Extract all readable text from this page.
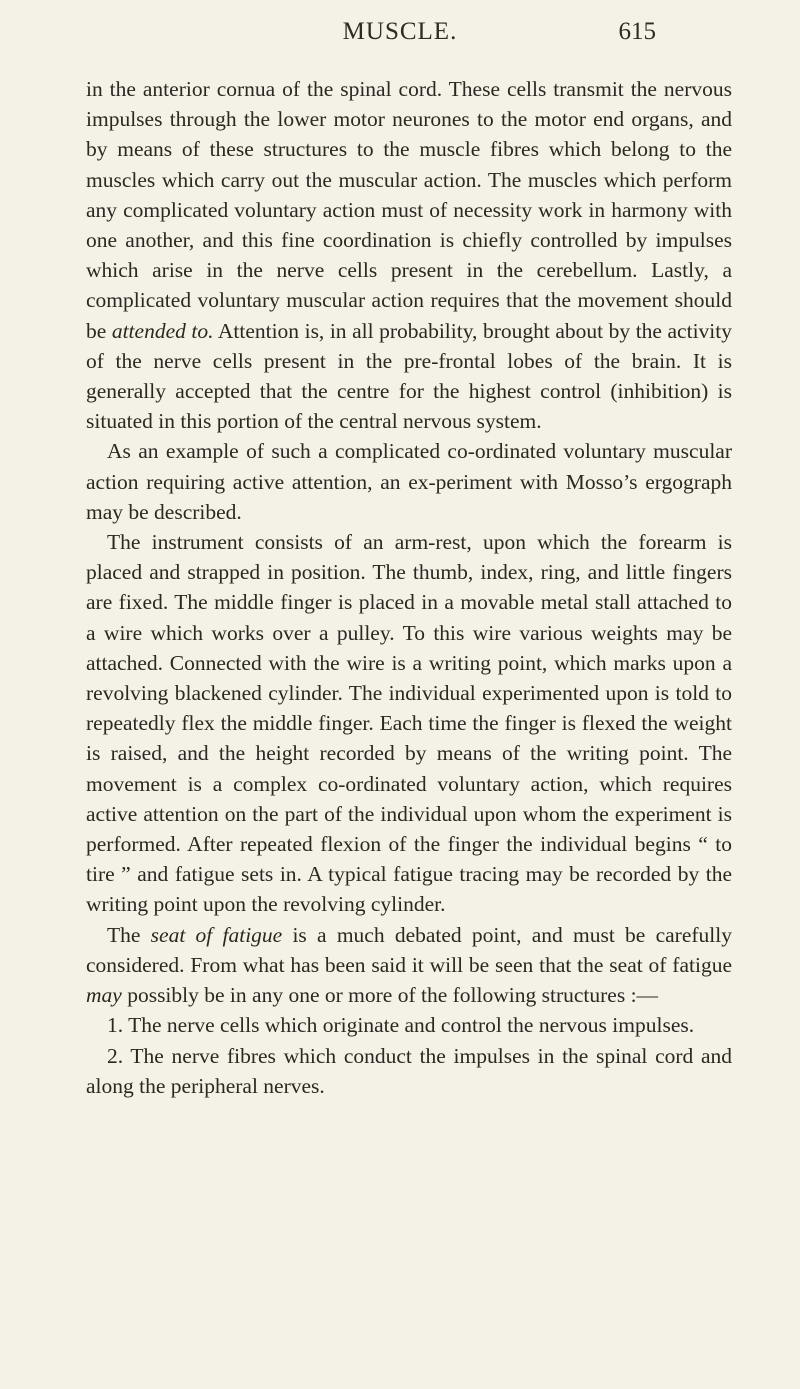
MUSCLE.	615

in the anterior cornua of the spinal cord. These cells transmit the nervous impulses through the lower motor neurones to the motor end organs, and by means of these structures to the muscle fibres which belong to the muscles which carry out the muscular action. The muscles which perform any complicated voluntary action must of necessity work in harmony with one another, and this fine coordination is chiefly controlled by impulses which arise in the nerve cells present in the cerebellum. Lastly, a complicated voluntary muscular action requires that the movement should be attended to. Attention is, in all probability, brought about by the activity of the nerve cells present in the pre-frontal lobes of the brain. It is generally accepted that the centre for the highest control (inhibition) is situated in this portion of the central nervous system.

As an example of such a complicated co-ordinated voluntary muscular action requiring active attention, an ex-periment with Mosso’s ergograph may be described.

The instrument consists of an arm-rest, upon which the forearm is placed and strapped in position. The thumb, index, ring, and little fingers are fixed. The middle finger is placed in a movable metal stall attached to a wire which works over a pulley. To this wire various weights may be attached. Connected with the wire is a writing point, which marks upon a revolving blackened cylinder. The individual experimented upon is told to repeatedly flex the middle finger. Each time the finger is flexed the weight is raised, and the height recorded by means of the writing point. The movement is a complex co-ordinated voluntary action, which requires active attention on the part of the individual upon whom the experiment is performed. After repeated flexion of the finger the individual begins “ to tire ” and fatigue sets in. A typical fatigue tracing may be recorded by the writing point upon the revolving cylinder.

The seat of fatigue is a much debated point, and must be carefully considered. From what has been said it will be seen that the seat of fatigue may possibly be in any one or more of the following structures :—

1. The nerve cells which originate and control the nervous impulses.

2. The nerve fibres which conduct the impulses in the spinal cord and along the peripheral nerves.
